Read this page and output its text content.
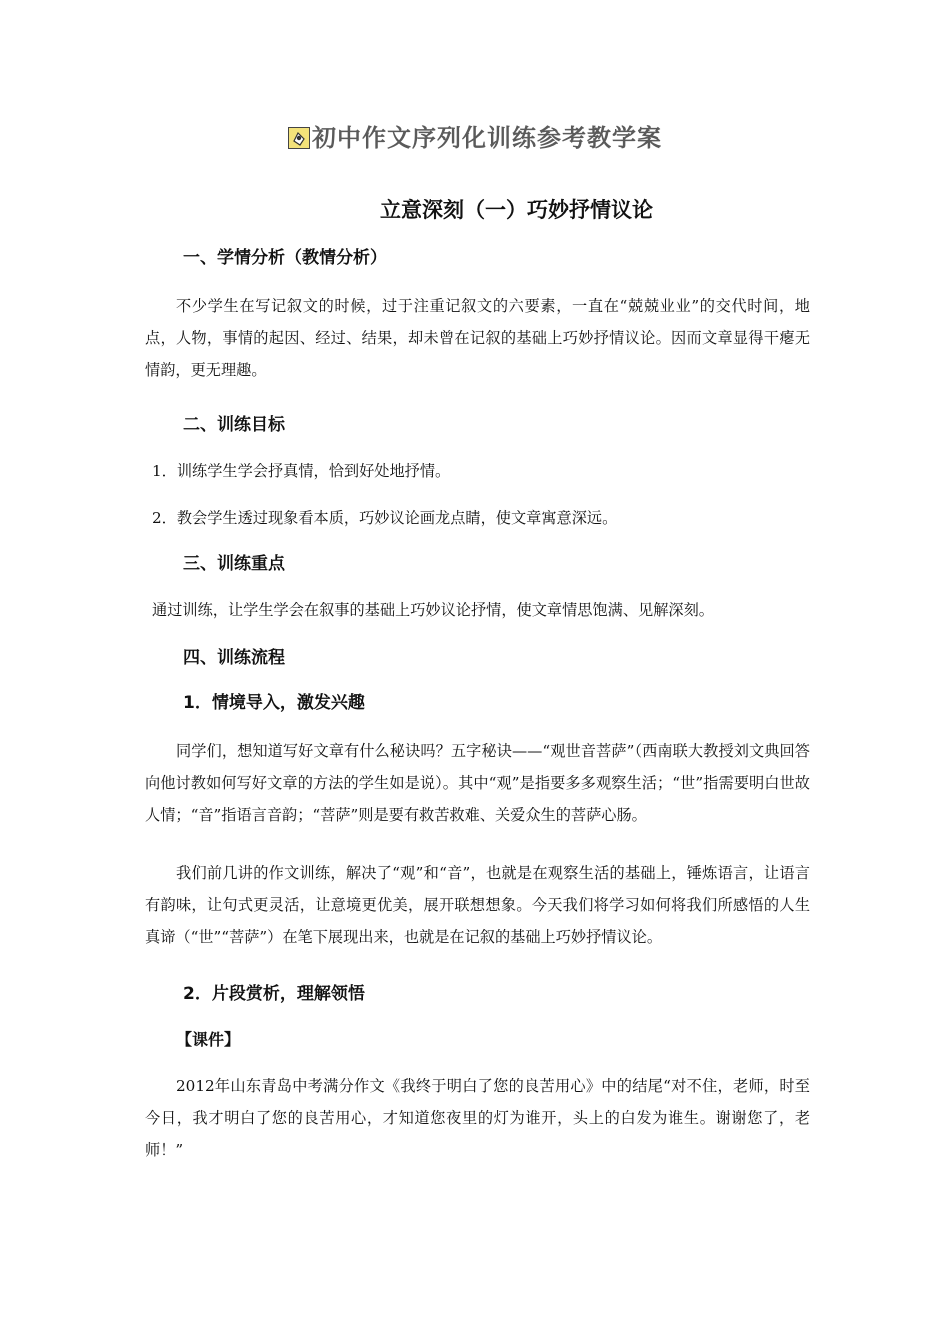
初中作文序列化训练参考教学案
立意深刻（一）巧妙抒情议论
一、学情分析（教情分析）
不少学生在写记叙文的时候，过于注重记叙文的六要素，一直在“兢兢业业”的交代时间，地点，人物，事情的起因、经过、结果，却未曾在记叙的基础上巧妙抒情议论。因而文章显得干瘪无情韵，更无理趣。
二、训练目标
1．训练学生学会抒真情，恰到好处地抒情。
2．教会学生透过现象看本质，巧妙议论画龙点睛，使文章寓意深远。
三、训练重点
通过训练，让学生学会在叙事的基础上巧妙议论抒情，使文章情思饱满、见解深刻。
四、训练流程
1．情境导入，激发兴趣
同学们，想知道写好文章有什么秘诀吗？五字秘诀——“观世音菩萨”（西南联大教授刘文典回答向他讨教如何写好文章的方法的学生如是说）。其中“观”是指要多多观察生活；“世”指需要明白世故人情；“音”指语言音韵；“菩萨”则是要有救苦救难、关爱众生的菩萨心肠。
我们前几讲的作文训练，解决了“观”和“音”，也就是在观察生活的基础上，锤炼语言，让语言有韵味，让句式更灵活，让意境更优美，展开联想想象。今天我们将学习如何将我们所感悟的人生真谛（“世”“菩萨”）在笔下展现出来，也就是在记叙的基础上巧妙抒情议论。
2．片段赏析，理解领悟
【课件】
2012年山东青岛中考满分作文《我终于明白了您的良苦用心》中的结尾“对不住，老师，时至今日，我才明白了您的良苦用心，才知道您夜里的灯为谁开，头上的白发为谁生。谢谢您了，老师！”
